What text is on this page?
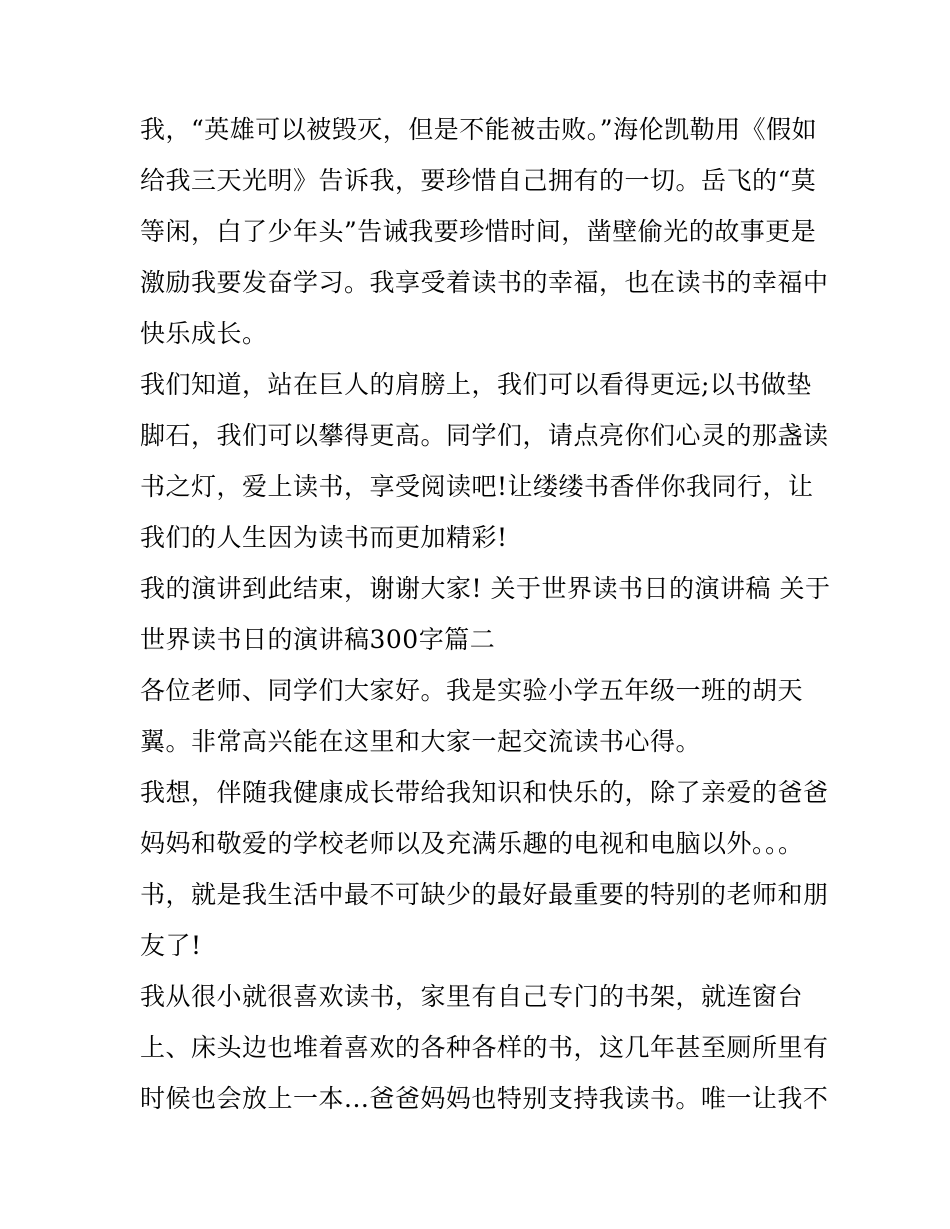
我，“英雄可以被毁灭，但是不能被击败。”海伦凯勒用《假如
给我三天光明》告诉我，要珍惜自己拥有的一切。岳飞的“莫
等闲，白了少年头”告诫我要珍惜时间，凿壁偷光的故事更是
激励我要发奋学习。我享受着读书的幸福，也在读书的幸福中
快乐成长。
我们知道，站在巨人的肩膀上，我们可以看得更远;以书做垫
脚石，我们可以攀得更高。同学们，请点亮你们心灵的那盏读
书之灯，爱上读书，享受阅读吧!让缕缕书香伴你我同行，让
我们的人生因为读书而更加精彩!
我的演讲到此结束，谢谢大家! 关于世界读书日的演讲稿 关于
世界读书日的演讲稿300字篇二
各位老师、同学们大家好。我是实验小学五年级一班的胡天
翼。非常高兴能在这里和大家一起交流读书心得。
我想，伴随我健康成长带给我知识和快乐的，除了亲爱的爸爸
妈妈和敬爱的学校老师以及充满乐趣的电视和电脑以外。。。
书，就是我生活中最不可缺少的最好最重要的特别的老师和朋
友了!
我从很小就很喜欢读书，家里有自己专门的书架，就连窗台
上、床头边也堆着喜欢的各种各样的书，这几年甚至厕所里有
时候也会放上一本...爸爸妈妈也特别支持我读书。唯一让我不
